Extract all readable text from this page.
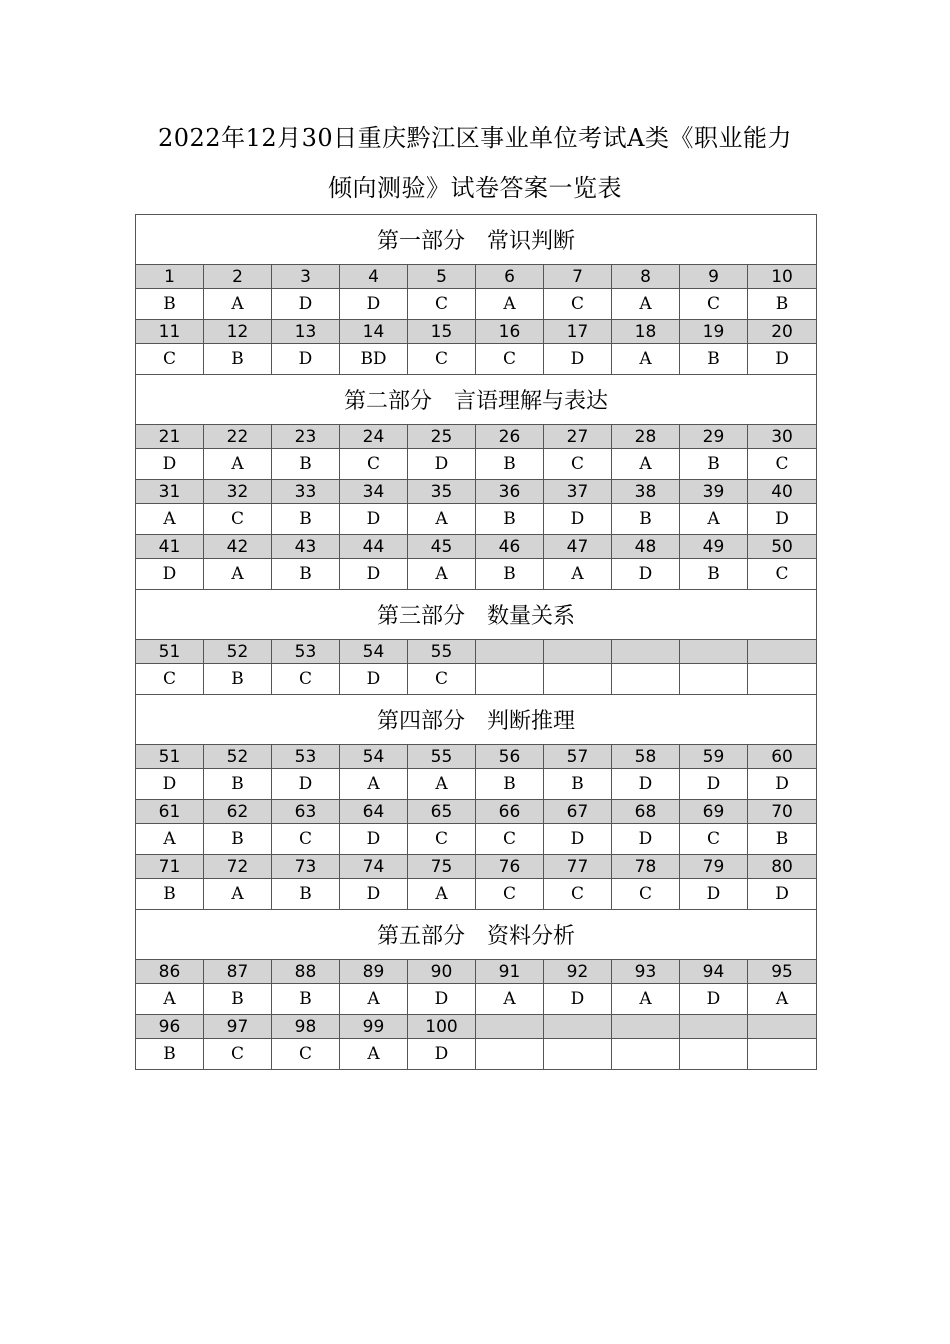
2022年12月30日重庆黔江区事业单位考试A类《职业能力
倾向测验》试卷答案一览表
第一部分　常识判断									
1	2	3	4	5	6	7	8	9	10
B	A	D	D	C	A	C	A	C	B
11	12	13	14	15	16	17	18	19	20
C	B	D	BD	C	C	D	A	B	D
第二部分　言语理解与表达									
21	22	23	24	25	26	27	28	29	30
D	A	B	C	D	B	C	A	B	C
31	32	33	34	35	36	37	38	39	40
A	C	B	D	A	B	D	B	A	D
41	42	43	44	45	46	47	48	49	50
D	A	B	D	A	B	A	D	B	C
第三部分　数量关系									
51	52	53	54	55					
C	B	C	D	C					
第四部分　判断推理									
51	52	53	54	55	56	57	58	59	60
D	B	D	A	A	B	B	D	D	D
61	62	63	64	65	66	67	68	69	70
A	B	C	D	C	C	D	D	C	B
71	72	73	74	75	76	77	78	79	80
B	A	B	D	A	C	C	C	D	D
第五部分　资料分析									
86	87	88	89	90	91	92	93	94	95
A	B	B	A	D	A	D	A	D	A
96	97	98	99	100					
B	C	C	A	D					
